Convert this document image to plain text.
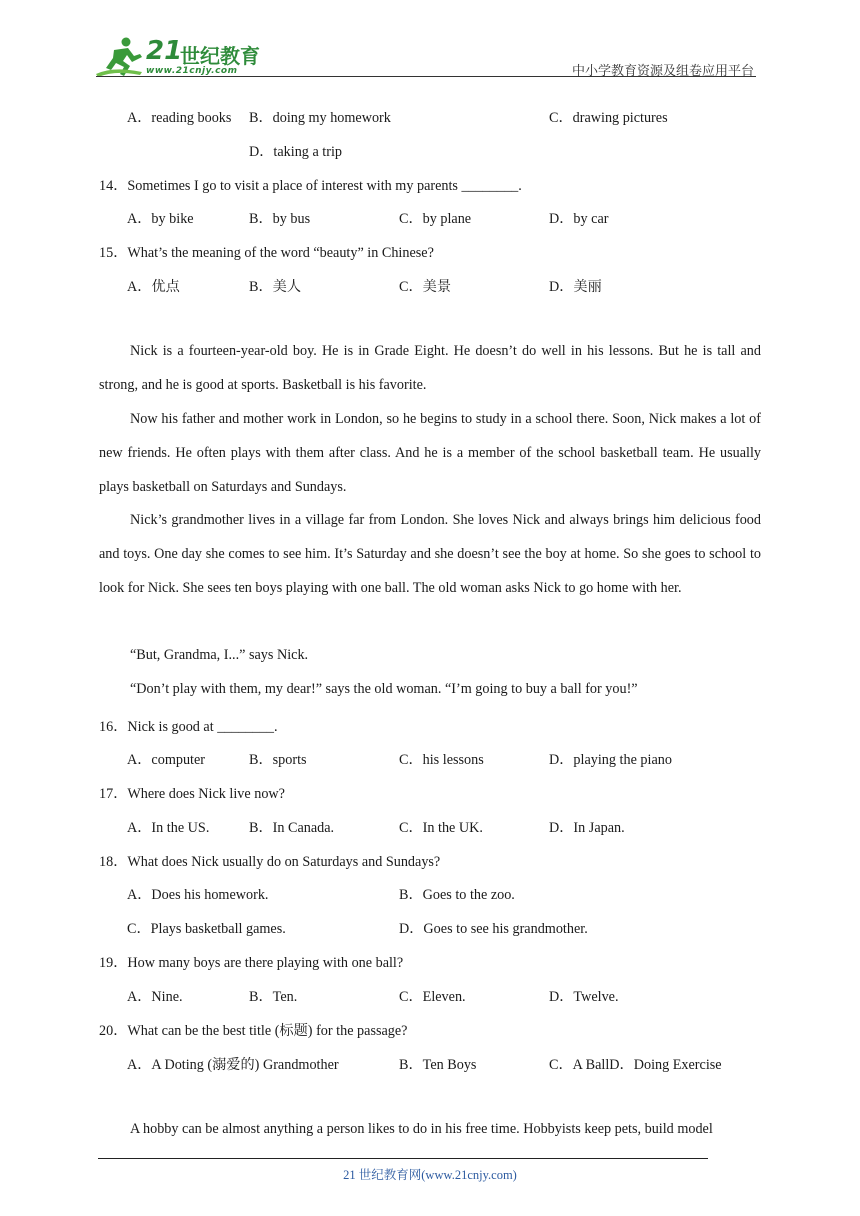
21
世纪教育
www.21cnjy.com	中小学教育资源及组卷应用平台
A．reading books B．doing my homework	C．drawing pictures
D．taking a trip
14．Sometimes I go to visit a place of interest with my parents ________.
A．by bike	B．by bus	C．by plane	D．by car
15．What’s the meaning of the word “beauty” in Chinese?
A．优点	B．美人	C．美景	D．美丽
Nick is a fourteen-year-old boy. He is in Grade Eight. He doesn’t do well in his lessons. But he is tall and strong, and he is good at sports. Basketball is his favorite.
Now his father and mother work in London, so he begins to study in a school there. Soon, Nick makes a lot of new friends. He often plays with them after class. And he is a member of the school basketball team. He usually plays basketball on Saturdays and Sundays.
Nick’s grandmother lives in a village far from London. She loves Nick and always brings him delicious food and toys. One day she comes to see him. It’s Saturday and she doesn’t see the boy at home. So she goes to school to look for Nick. She sees ten boys playing with one ball. The old woman asks Nick to go home with her.
“But, Grandma, I...” says Nick.
“Don’t play with them, my dear!” says the old woman. “I’m going to buy a ball for you!”
16．Nick is good at ________.
A．computer	B．sports	C．his lessons	D．playing the piano
17．Where does Nick live now?
A．In the US.	B．In Canada.	C．In the UK.	D．In Japan.
18．What does Nick usually do on Saturdays and Sundays?
A．Does his homework.	B．Goes to the zoo.
C．Plays basketball games.	D．Goes to see his grandmother.
19．How many boys are there playing with one ball?
A．Nine.	B．Ten.	C．Eleven.	D．Twelve.
20．What can be the best title (标题) for the passage?
A．A Doting (溺爱的) Grandmother	B．Ten Boys	C．A BallD．Doing Exercise
A hobby can be almost anything a person likes to do in his free time. Hobbyists keep pets, build model
21 世纪教育网(www.21cnjy.com)
